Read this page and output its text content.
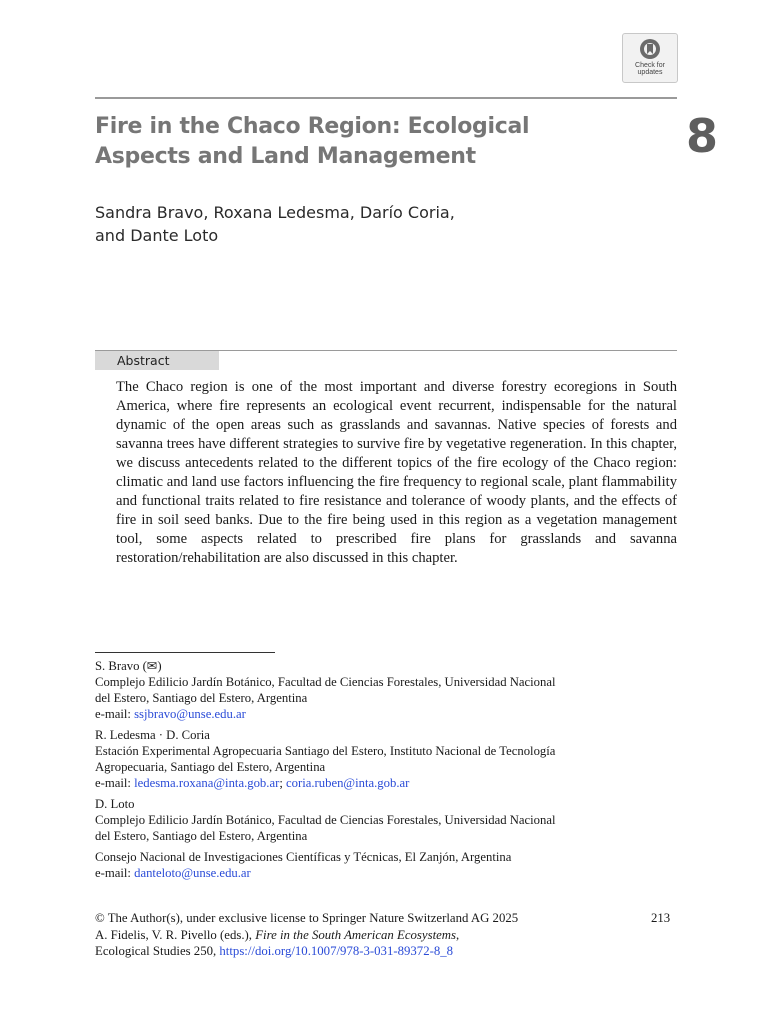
Check for updates
Fire in the Chaco Region: Ecological
Aspects and Land Management	8
Sandra Bravo, Roxana Ledesma, Darío Coria,
and Dante Loto
Abstract

The Chaco region is one of the most important and diverse forestry ecoregions in South America, where fire represents an ecological event recurrent, indispensable for the natural dynamic of the open areas such as grasslands and savannas. Native species of forests and savanna trees have different strategies to survive fire by vegetative regeneration. In this chapter, we discuss antecedents related to the different topics of the fire ecology of the Chaco region: climatic and land use factors influencing the fire frequency to regional scale, plant flammability and functional traits related to fire resistance and tolerance of woody plants, and the effects of fire in soil seed banks. Due to the fire being used in this region as a vegetation management tool, some aspects related to prescribed fire plans for grasslands and savanna restoration/rehabilitation are also discussed in this chapter.

S. Bravo (✉)
Complejo Edilicio Jardín Botánico, Facultad de Ciencias Forestales, Universidad Nacional
del Estero, Santiago del Estero, Argentina
e-mail: ssjbravo@unse.edu.ar
R. Ledesma · D. Coria
Estación Experimental Agropecuaria Santiago del Estero, Instituto Nacional de Tecnología
Agropecuaria, Santiago del Estero, Argentina
e-mail: ledesma.roxana@inta.gob.ar; coria.ruben@inta.gob.ar
D. Loto
Complejo Edilicio Jardín Botánico, Facultad de Ciencias Forestales, Universidad Nacional
del Estero, Santiago del Estero, Argentina
Consejo Nacional de Investigaciones Científicas y Técnicas, El Zanjón, Argentina
e-mail: danteloto@unse.edu.ar
© The Author(s), under exclusive license to Springer Nature Switzerland AG 2025
A. Fidelis, V. R. Pivello (eds.), Fire in the South American Ecosystems,
Ecological Studies 250, https://doi.org/10.1007/978-3-031-89372-8_8
213
